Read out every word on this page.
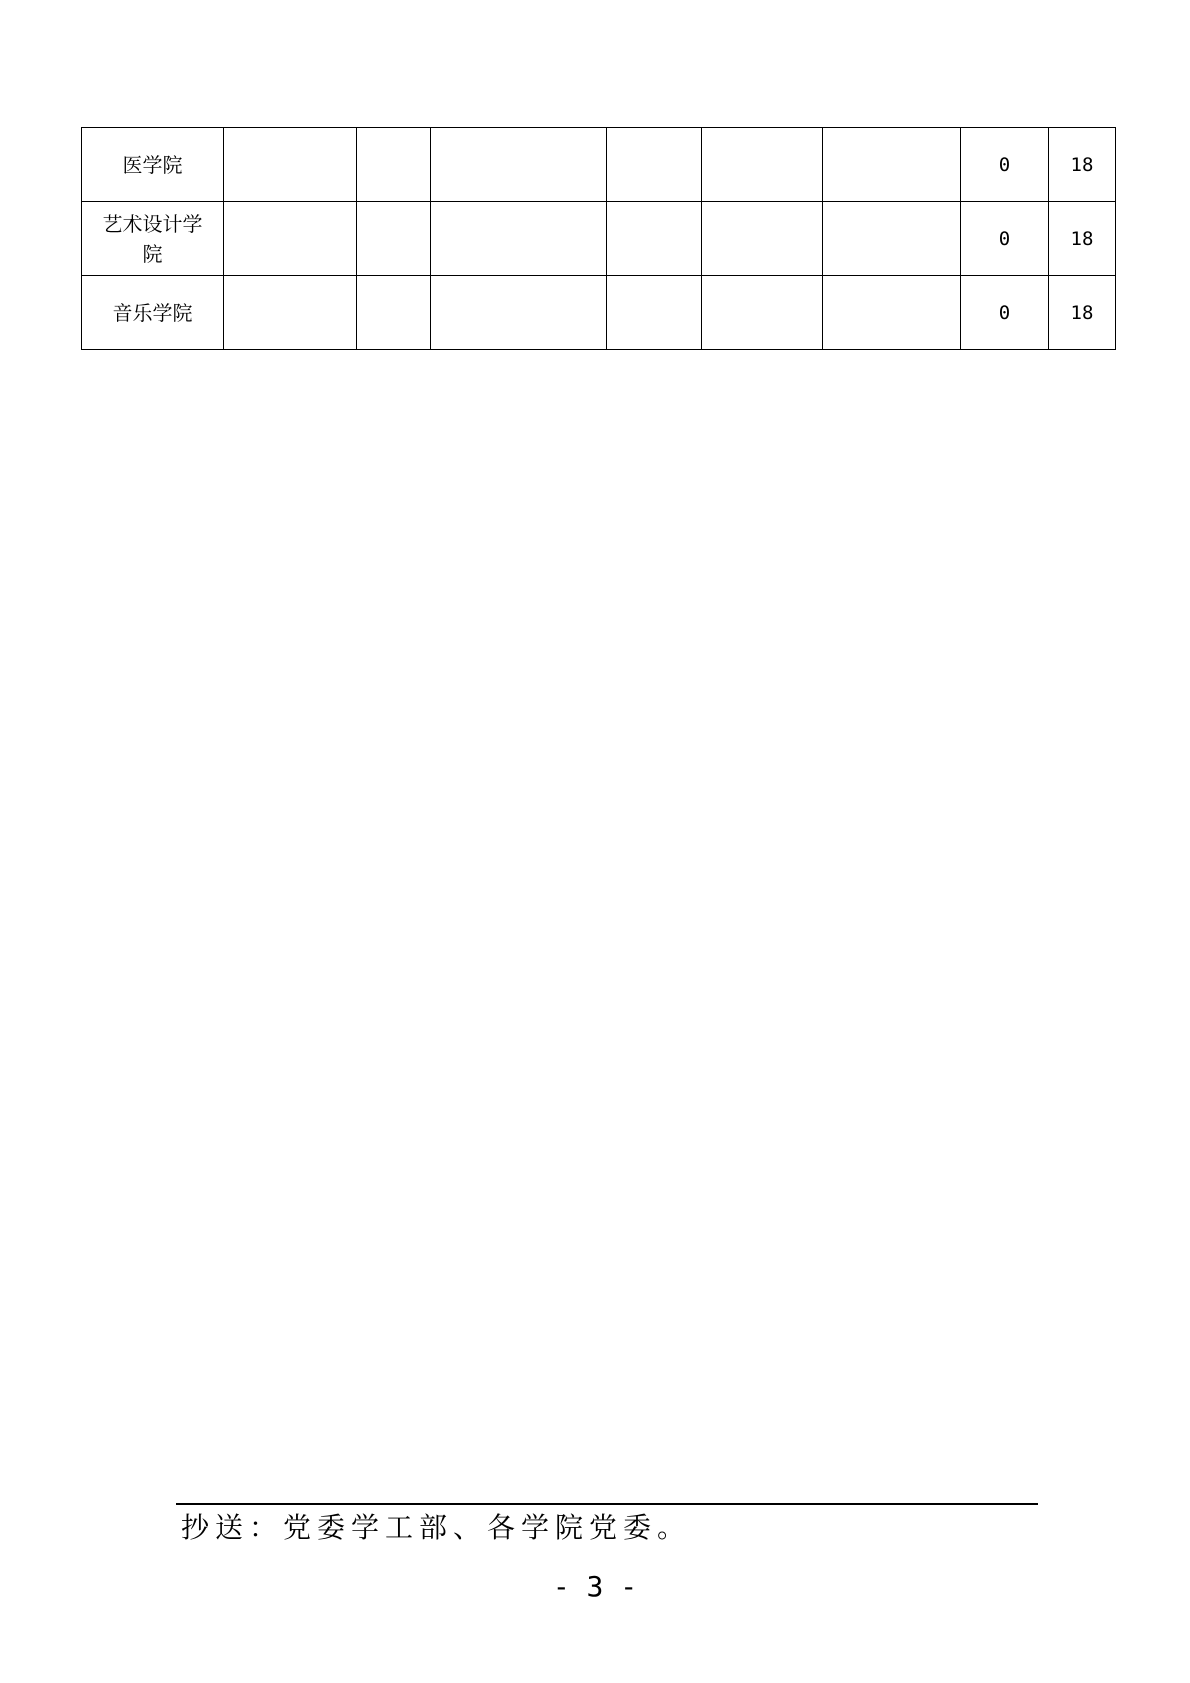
医学院							0	18
艺术设计学
院							0	18
音乐学院							0	18
抄送：党委学工部、各学院党委。
- 3 -
